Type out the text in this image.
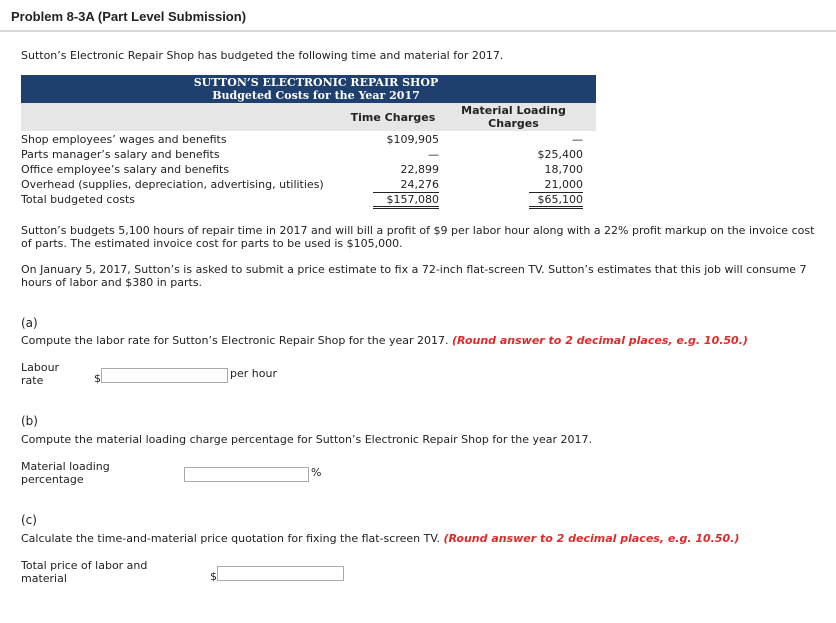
Problem 8-3A (Part Level Submission)
Sutton’s Electronic Repair Shop has budgeted the following time and material for 2017.
SUTTON’S ELECTRONIC REPAIR SHOP
Budgeted Costs for the Year 2017
Time Charges
Material Loading
Charges
Shop employees’ wages and benefits	$109,905	—
Parts manager’s salary and benefits	—	$25,400
Office employee’s salary and benefits	22,899	18,700
Overhead (supplies, depreciation, advertising, utilities)	24,276	21,000
Total budgeted costs	$157,080	$65,100
Sutton’s budgets 5,100 hours of repair time in 2017 and will bill a profit of $9 per labor hour along with a 22% profit markup on the invoice cost of parts. The estimated invoice cost for parts to be used is $105,000.
On January 5, 2017, Sutton’s is asked to submit a price estimate to fix a 72-inch flat-screen TV. Sutton’s estimates that this job will consume 7 hours of labor and $380 in parts.
(a)
Compute the labor rate for Sutton’s Electronic Repair Shop for the year 2017. (Round answer to 2 decimal places, e.g. 10.50.)
Labour
rate	$	per hour
(b)
Compute the material loading charge percentage for Sutton’s Electronic Repair Shop for the year 2017.
Material loading
percentage
%
(c)
Calculate the time-and-material price quotation for fixing the flat-screen TV. (Round answer to 2 decimal places, e.g. 10.50.)
Total price of labor and
material	$
